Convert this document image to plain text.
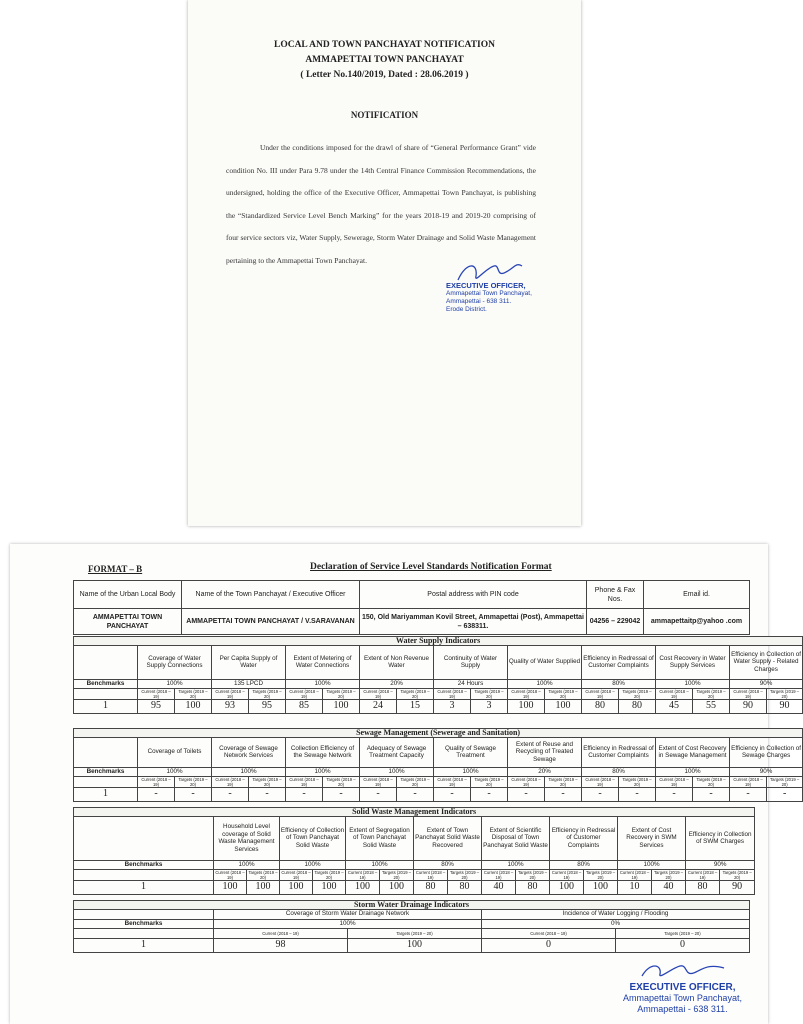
LOCAL AND TOWN PANCHAYAT NOTIFICATION
AMMAPETTAI TOWN PANCHAYAT
( Letter No.140/2019, Dated : 28.06.2019 )
NOTIFICATION

Under the conditions imposed for the drawl of share of “General Performance Grant” vide condition No. III under Para 9.78 under the 14th Central Finance Commission Recommendations, the undersigned, holding the office of the Executive Officer, Ammapettai Town Panchayat, is publishing the “Standardized Service Level Bench Marking” for the years 2018-19 and 2019-20 comprising of four service sectors viz, Water Supply, Sewerage, Storm Water Drainage and Solid Waste Management pertaining to the Ammapettai Town Panchayat.

EXECUTIVE OFFICER,
Ammapettai Town Panchayat,
Ammapettai - 638 311.
Erode District.
FORMAT – B	Declaration of Service Level Standards Notification Format
Name of the Urban Local Body	Name of the Town Panchayat / Executive Officer	Postal address with PIN code	Phone & Fax Nos.	Email id.
AMMAPETTAI TOWN PANCHAYAT	AMMAPETTAI TOWN PANCHAYAT / V.SARAVANAN	150, Old Mariyamman Kovil Street, Ammapettai (Post), Ammapettai – 638311.	04256 – 229042	ammapettaitp@yahoo .com
Water Supply Indicators																		
	Coverage of Water Supply Connections		Per Capita Supply of Water		Extent of Metering of Water Connections		Extent of Non Revenue Water		Continuity of Water Supply		Quality of Water Supplied		Efficiency in Redressal of Customer Complaints		Cost Recovery in Water Supply Services		Efficiency in Collection of Water Supply - Related Charges	
Benchmarks	100%		135 LPCD		100%		20%		24 Hours		100%		80%		100%		90%	
	Current (2018 – 19)	Targets (2019 – 20)	Current (2018 – 19)	Targets (2019 – 20)	Current (2018 – 19)	Targets (2019 – 20)	Current (2018 – 19)	Targets (2019 – 20)	Current (2018 – 19)	Targets (2019 – 20)	Current (2018 – 19)	Targets (2019 – 20)	Current (2018 – 19)	Targets (2019 – 20)	Current (2018 – 19)	Targets (2019 – 20)	Current (2018 – 19)	Targets (2019 – 20)
1	95	100	93	95	85	100	24	15	3	3	100	100	80	80	45	55	90	90
Sewage Management (Sewerage and Sanitation)																		
	Coverage of Toilets		Coverage of Sewage Network Services		Collection Efficiency of the Sewage Network		Adequacy of Sewage Treatment Capacity		Quality of Sewage Treatment		Extent of Reuse and Recycling of Treated Sewage		Efficiency in Redressal of Customer Complaints		Extent of Cost Recovery in Sewage Management		Efficiency in Collection of Sewage Charges	
Benchmarks	100%		100%		100%		100%		100%		20%		80%		100%		90%	
	Current (2018 – 19)	Targets (2019 – 20)	Current (2018 – 19)	Targets (2019 – 20)	Current (2018 – 19)	Targets (2019 – 20)	Current (2018 – 19)	Targets (2019 – 20)	Current (2018 – 19)	Targets (2019 – 20)	Current (2018 – 19)	Targets (2019 – 20)	Current (2018 – 19)	Targets (2019 – 20)	Current (2018 – 19)	Targets (2019 – 20)	Current (2018 – 19)	Targets (2019 – 20)
1	-	-	-	-	-	-	-	-	-	-	-	-	-	-	-	-	-	-
Solid Waste Management Indicators																
	Household Level coverage of Solid Waste Management Services		Efficiency of Collection of Town Panchayat Solid Waste		Extent of Segregation of Town Panchayat Solid Waste		Extent of Town Panchayat Solid Waste Recovered		Extent of Scientific Disposal of Town Panchayat Solid Waste		Efficiency in Redressal of Customer Complaints		Extent of Cost Recovery in SWM Services		Efficiency in Collection of SWM Charges	
Benchmarks	100%		100%		100%		80%		100%		80%		100%		90%	
	Current (2018 – 19)	Targets (2019 – 20)	Current (2018 – 19)	Targets (2019 – 20)	Current (2018 – 19)	Targets (2019 – 20)	Current (2018 – 19)	Targets (2019 – 20)	Current (2018 – 19)	Targets (2019 – 20)	Current (2018 – 19)	Targets (2019 – 20)	Current (2018 – 19)	Targets (2019 – 20)	Current (2018 – 19)	Targets (2019 – 20)
1	100	100	100	100	100	100	80	80	40	80	100	100	10	40	80	90
Storm Water Drainage Indicators				
	Coverage of Storm Water Drainage Network		Incidence of Water Logging / Flooding	
Benchmarks	100%		0%	
	Current (2018 – 19)	Targets (2019 – 20)	Current (2018 – 19)	Targets (2019 – 20)
1	98	100	0	0
EXECUTIVE OFFICER,
Ammapettai Town Panchayat,
Ammapettai - 638 311.
